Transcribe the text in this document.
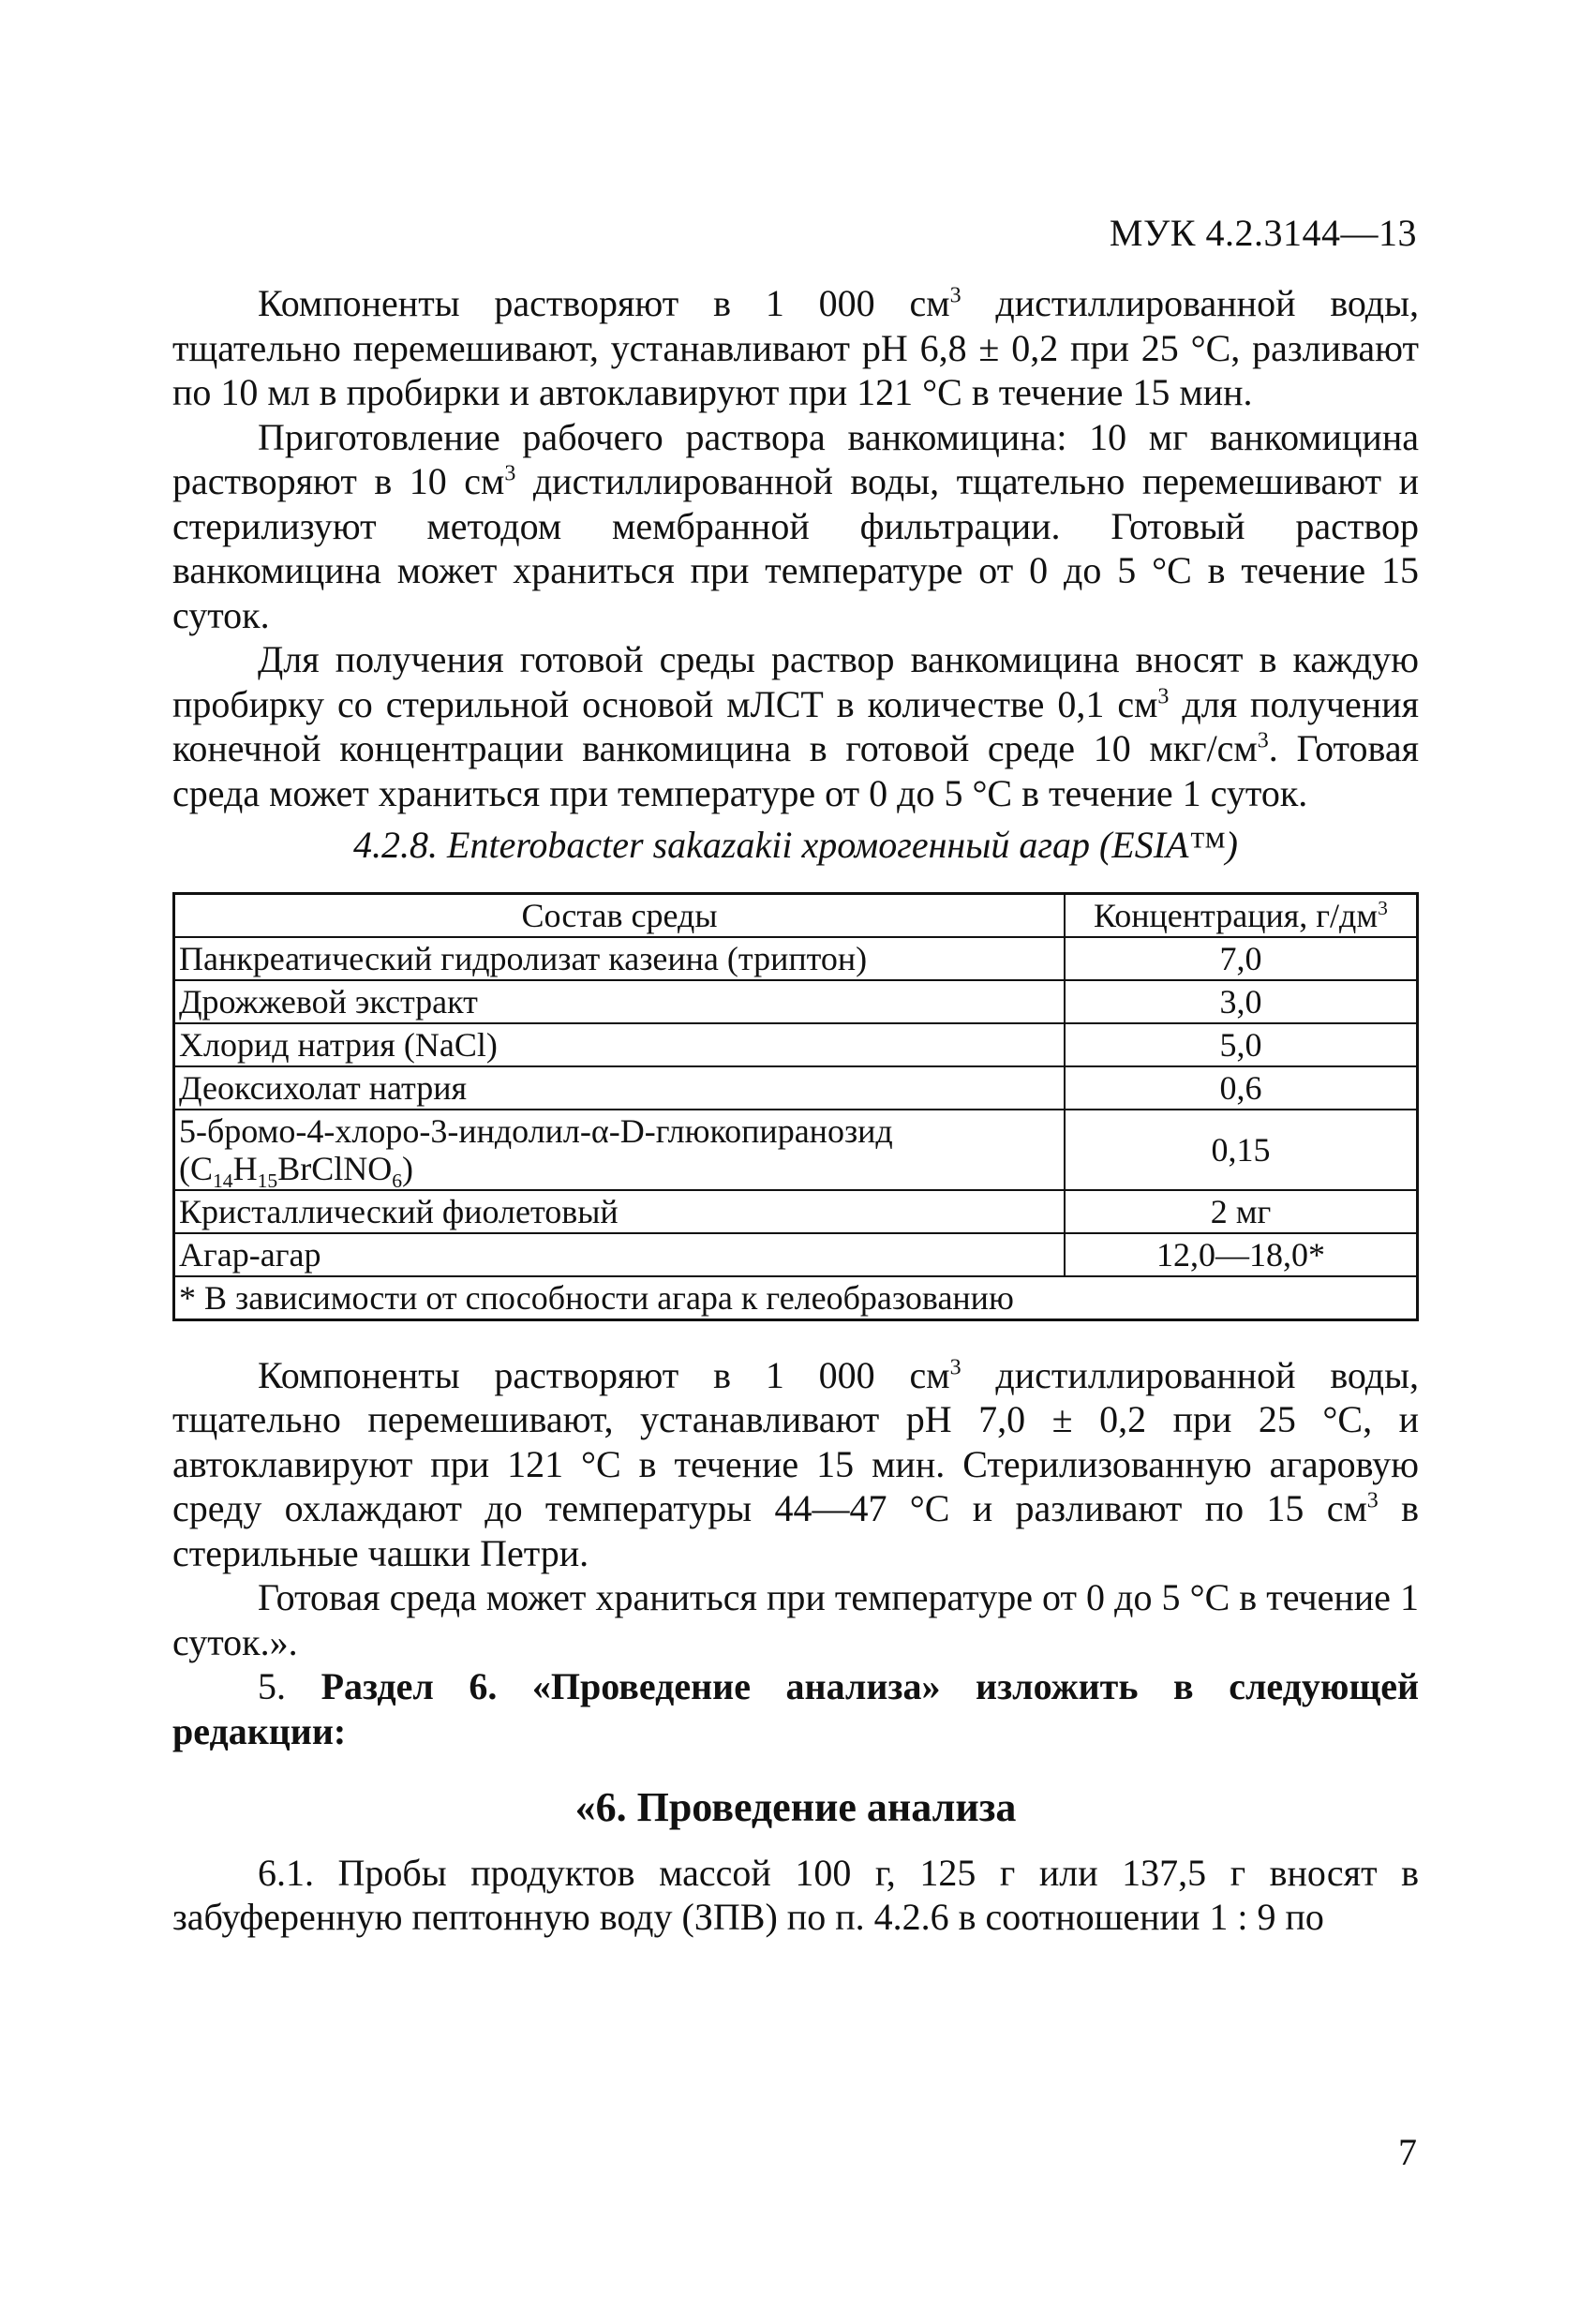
МУК 4.2.3144—13

Компоненты растворяют в 1 000 $см^3$ дистиллированной воды, тщательно перемешивают, устанавливают рН 6,8 ± 0,2 при 25 °С, разливают по 10 мл в пробирки и автоклавируют при 121 °С в течение 15 мин.

Приготовление рабочего раствора ванкомицина: 10 мг ванкомицина растворяют в 10 $см^3$ дистиллированной воды, тщательно перемешивают и стерилизуют методом мембранной фильтрации. Готовый раствор ванкомицина может храниться при температуре от 0 до 5 °С в течение 15 суток.

Для получения готовой среды раствор ванкомицина вносят в каждую пробирку со стерильной основой мЛСТ в количестве 0,1 $см^3$ для получения конечной концентрации ванкомицина в готовой среде 10 мкг/$см^3$. Готовая среда может храниться при температуре от 0 до 5 °С в течение 1 суток.

4.2.8. Enterobacter sakazakii хромогенный агар (ESIA™)
Состав среды	Концентрация, $г/дм^3$
Панкреатический гидролизат казеина (триптон)	7,0
Дрожжевой экстракт	3,0
Хлорид натрия (NaCl)	5,0
Деоксихолат натрия	0,6
5-бромо-4-хлоро-3-индолил-α-D-глюкопиранозид
$(C_{14}H_{15}BrClNO_6)$	0,15
Кристаллический фиолетовый	2 мг
Агар-агар	12,0—18,0*
* В зависимости от способности агара к гелеобразованию	

Компоненты растворяют в 1 000 $см^3$ дистиллированной воды, тщательно перемешивают, устанавливают рН 7,0 ± 0,2 при 25 °С, и автоклавируют при 121 °С в течение 15 мин. Стерилизованную агаровую среду охлаждают до температуры 44—47 °С и разливают по 15 $см^3$ в стерильные чашки Петри.

Готовая среда может храниться при температуре от 0 до 5 °С в течение 1 суток.».

5. Раздел 6. «Проведение анализа» изложить в следующей редакции:

«6. Проведение анализа

6.1. Пробы продуктов массой 100 г, 125 г или 137,5 г вносят в забуференную пептонную воду (ЗПВ) по п. 4.2.6 в соотношении 1 : 9 по

7
